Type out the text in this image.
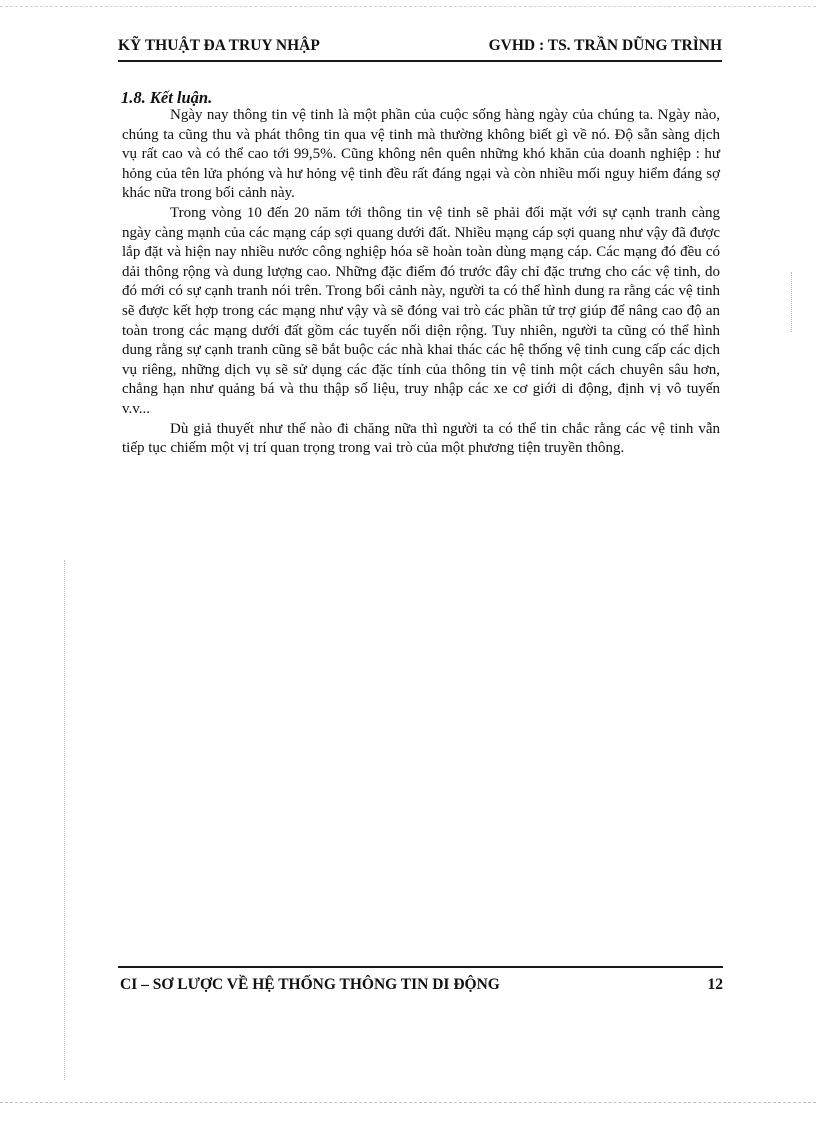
KỸ THUẬT ĐA TRUY NHẬP	GVHD : TS. TRẦN DŨNG TRÌNH
1.8. Kết luận.

Ngày nay thông tin vệ tinh là một phần của cuộc sống hàng ngày của chúng ta. Ngày nào, chúng ta cũng thu và phát thông tin qua vệ tinh mà thường không biết gì về nó. Độ sẵn sàng dịch vụ rất cao và có thể cao tới 99,5%. Cũng không nên quên những khó khăn của doanh nghiệp : hư hỏng của tên lửa phóng và hư hỏng vệ tinh đều rất đáng ngại và còn nhiều mối nguy hiểm đáng sợ khác nữa trong bối cảnh này.

Trong vòng 10 đến 20 năm tới thông tin vệ tinh sẽ phải đối mặt với sự cạnh tranh càng ngày càng mạnh của các mạng cáp sợi quang dưới đất. Nhiều mạng cáp sợi quang như vậy đã được lắp đặt và hiện nay nhiều nước công nghiệp hóa sẽ hoàn toàn dùng mạng cáp. Các mạng đó đều có dải thông rộng và dung lượng cao. Những đặc điểm đó trước đây chỉ đặc trưng cho các vệ tinh, do đó mới có sự cạnh tranh nói trên. Trong bối cảnh này, người ta có thể hình dung ra rằng các vệ tinh sẽ được kết hợp trong các mạng như vậy và sẽ đóng vai trò các phần tử trợ giúp để nâng cao độ an toàn trong các mạng dưới đất gồm các tuyến nối diện rộng. Tuy nhiên, người ta cũng có thể hình dung rằng sự cạnh tranh cũng sẽ bắt buộc các nhà khai thác các hệ thống vệ tinh cung cấp các dịch vụ riêng, những dịch vụ sẽ sử dụng các đặc tính của thông tin vệ tinh một cách chuyên sâu hơn, chẳng hạn như quảng bá và thu thập số liệu, truy nhập các xe cơ giới di động, định vị vô tuyến v.v...

Dù giả thuyết như thế nào đi chăng nữa thì người ta có thể tin chắc rằng các vệ tinh vẫn tiếp tục chiếm một vị trí quan trọng trong vai trò của một phương tiện truyền thông.

CI – SƠ LƯỢC VỀ HỆ THỐNG THÔNG TIN DI ĐỘNG	12
